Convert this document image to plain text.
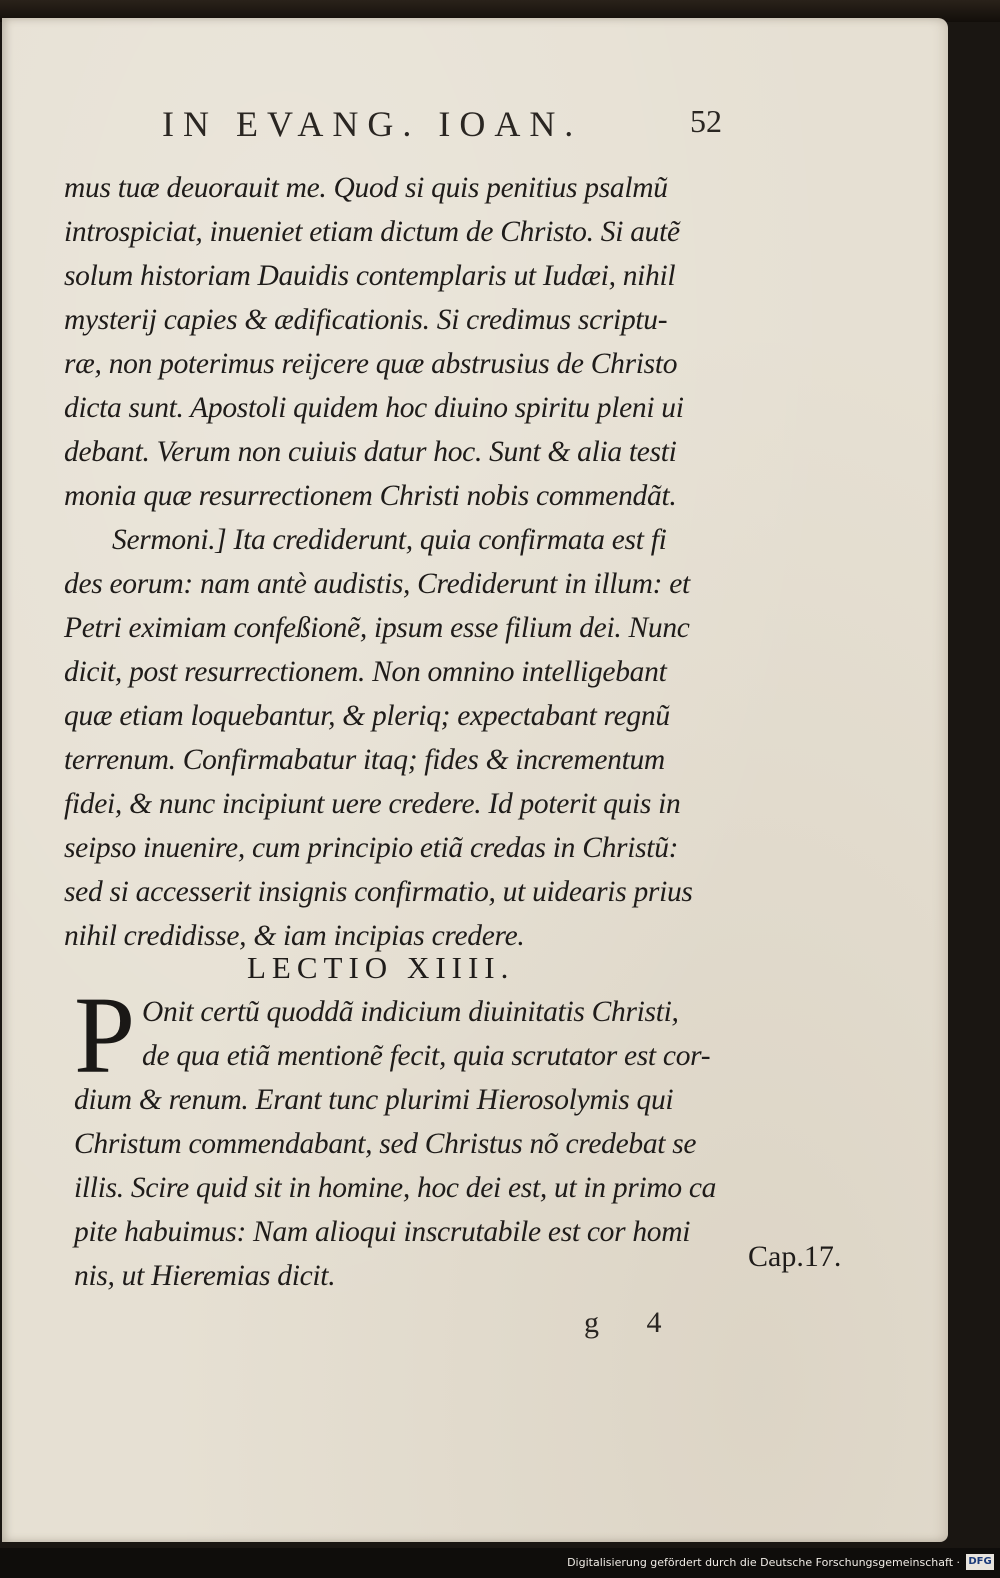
IN EVANG. IOAN.	52
mus tuæ deuorauit me. Quod si quis penitius psalmũ
introspiciat, inueniet etiam dictum de Christo. Si autẽ
solum historiam Dauidis contemplaris ut Iudæi, nihil
mysterij capies & ædificationis. Si credimus scriptu-
ræ, non poterimus reijcere quæ abstrusius de Christo
dicta sunt. Apostoli quidem hoc diuino spiritu pleni ui
debant. Verum non cuiuis datur hoc. Sunt & alia testi
monia quæ resurrectionem Christi nobis commendãt.
Sermoni.] Ita crediderunt, quia confirmata est fi
des eorum: nam antè audistis, Crediderunt in illum: et
Petri eximiam confeßionẽ, ipsum esse filium dei. Nunc
dicit, post resurrectionem. Non omnino intelligebant
quæ etiam loquebantur, & pleriq; expectabant regnũ
terrenum. Confirmabatur itaq; fides & incrementum
fidei, & nunc incipiunt uere credere. Id poterit quis in
seipso inuenire, cum principio etiã credas in Christũ:
sed si accesserit insignis confirmatio, ut uidearis prius
nihil credidisse, & iam incipias credere.
LECTIO XIIII.
P Onit certũ quoddã indicium diuinitatis Christi,
de qua etiã mentionẽ fecit, quia scrutator est cor-
dium & renum. Erant tunc plurimi Hierosolymis qui
Christum commendabant, sed Christus nõ credebat se
illis. Scire quid sit in homine, hoc dei est, ut in primo ca
pite habuimus: Nam alioqui inscrutabile est cor homi
nis, ut Hieremias dicit.
Cap.17.
g 4
Digitalisierung gefördert durch die Deutsche Forschungsgemeinschaft · DFG
